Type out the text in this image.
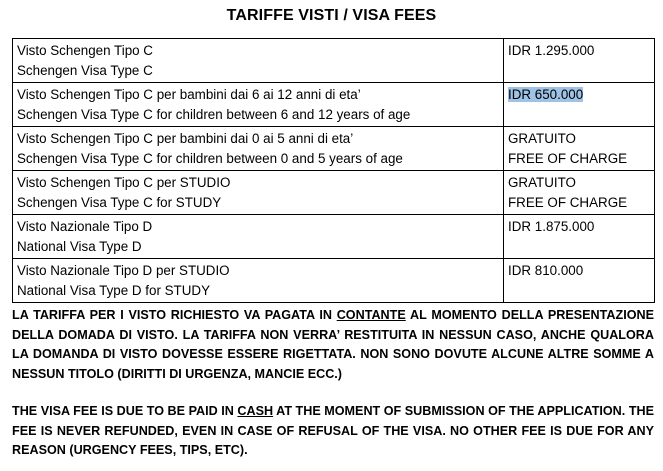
TARIFFE VISTI / VISA FEES
Visto Schengen Tipo C
Schengen Visa Type C	IDR 1.295.000

Visto Schengen Tipo C per bambini dai 6 ai 12 anni di eta’
Schengen Visa Type C for children between 6 and 12 years of age	IDR 650.000

Visto Schengen Tipo C per bambini dai 0 ai 5 anni di eta’
Schengen Visa Type C for children between 0 and 5 years of age	GRATUITO
FREE OF CHARGE

Visto Schengen Tipo C per STUDIO
Schengen Visa Type C for STUDY	GRATUITO
FREE OF CHARGE

Visto Nazionale Tipo D
National Visa Type D	IDR 1.875.000

Visto Nazionale Tipo D per STUDIO
National Visa Type D for STUDY	IDR 810.000

LA TARIFFA PER I VISTO RICHIESTO VA PAGATA IN CONTANTE AL MOMENTO DELLA PRESENTAZIONE DELLA DOMADA DI VISTO. LA TARIFFA NON VERRA’ RESTITUITA IN NESSUN CASO, ANCHE QUALORA LA DOMANDA DI VISTO DOVESSE ESSERE RIGETTATA. NON SONO DOVUTE ALCUNE ALTRE SOMME A NESSUN TITOLO (DIRITTI DI URGENZA, MANCIE ECC.)

THE VISA FEE IS DUE TO BE PAID IN CASH AT THE MOMENT OF SUBMISSION OF THE APPLICATION. THE FEE IS NEVER REFUNDED, EVEN IN CASE OF REFUSAL OF THE VISA. NO OTHER FEE IS DUE FOR ANY REASON (URGENCY FEES, TIPS, ETC).
